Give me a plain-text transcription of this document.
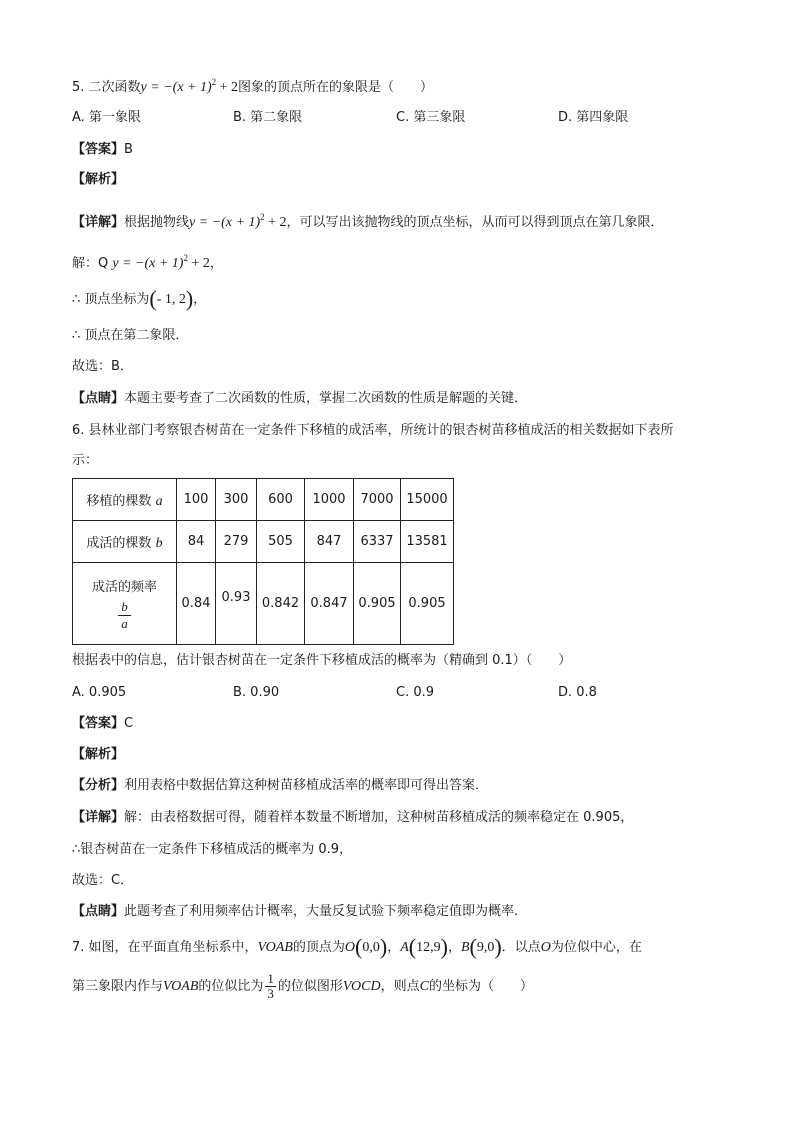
5. 二次函数$y = -(x + 1)^2 + 2$图象的顶点所在的象限是（　　）
A. 第一象限	B. 第二象限	C. 第三象限	D. 第四象限
【答案】B
【解析】
【详解】根据抛物线$y = -(x + 1)^2 + 2$，可以写出该抛物线的顶点坐标，从而可以得到顶点在第几象限．
解：Q $y = -(x + 1)^2 + 2$，
∴ 顶点坐标为(- 1, 2)，
∴ 顶点在第二象限．
故选：B．
【点睛】本题主要考查了二次函数的性质，掌握二次函数的性质是解题的关键．
6. 县林业部门考察银杏树苗在一定条件下移植的成活率，所统计的银杏树苗移植成活的相关数据如下表所
示：
移植的棵数 a	100	300	600	1000	7000	15000
成活的棵数 b	84	279	505	847	6337	13581

成活的频率
$\frac{b}{a}$	0.84	0.93	0.842	0.847	0.905	0.905
根据表中的信息，估计银杏树苗在一定条件下移植成活的概率为（精确到 0.1）（　　）
A. 0.905	B. 0.90	C. 0.9	D. 0.8
【答案】C
【解析】
【分析】利用表格中数据估算这种树苗移植成活率的概率即可得出答案．
【详解】解：由表格数据可得，随着样本数量不断增加，这种树苗移植成活的频率稳定在 0.905，
∴银杏树苗在一定条件下移植成活的概率为 0.9，
故选：C．
【点睛】此题考查了利用频率估计概率，大量反复试验下频率稳定值即为概率．
7. 如图，在平面直角坐标系中，VOAB的顶点为O(0,0)，A(12,9)，B(9,0)．以点O为位似中心，在
第三象限内作与VOAB的位似比为 $\frac{1}{3}$ 的位似图形VOCD，则点C的坐标为（　　）
